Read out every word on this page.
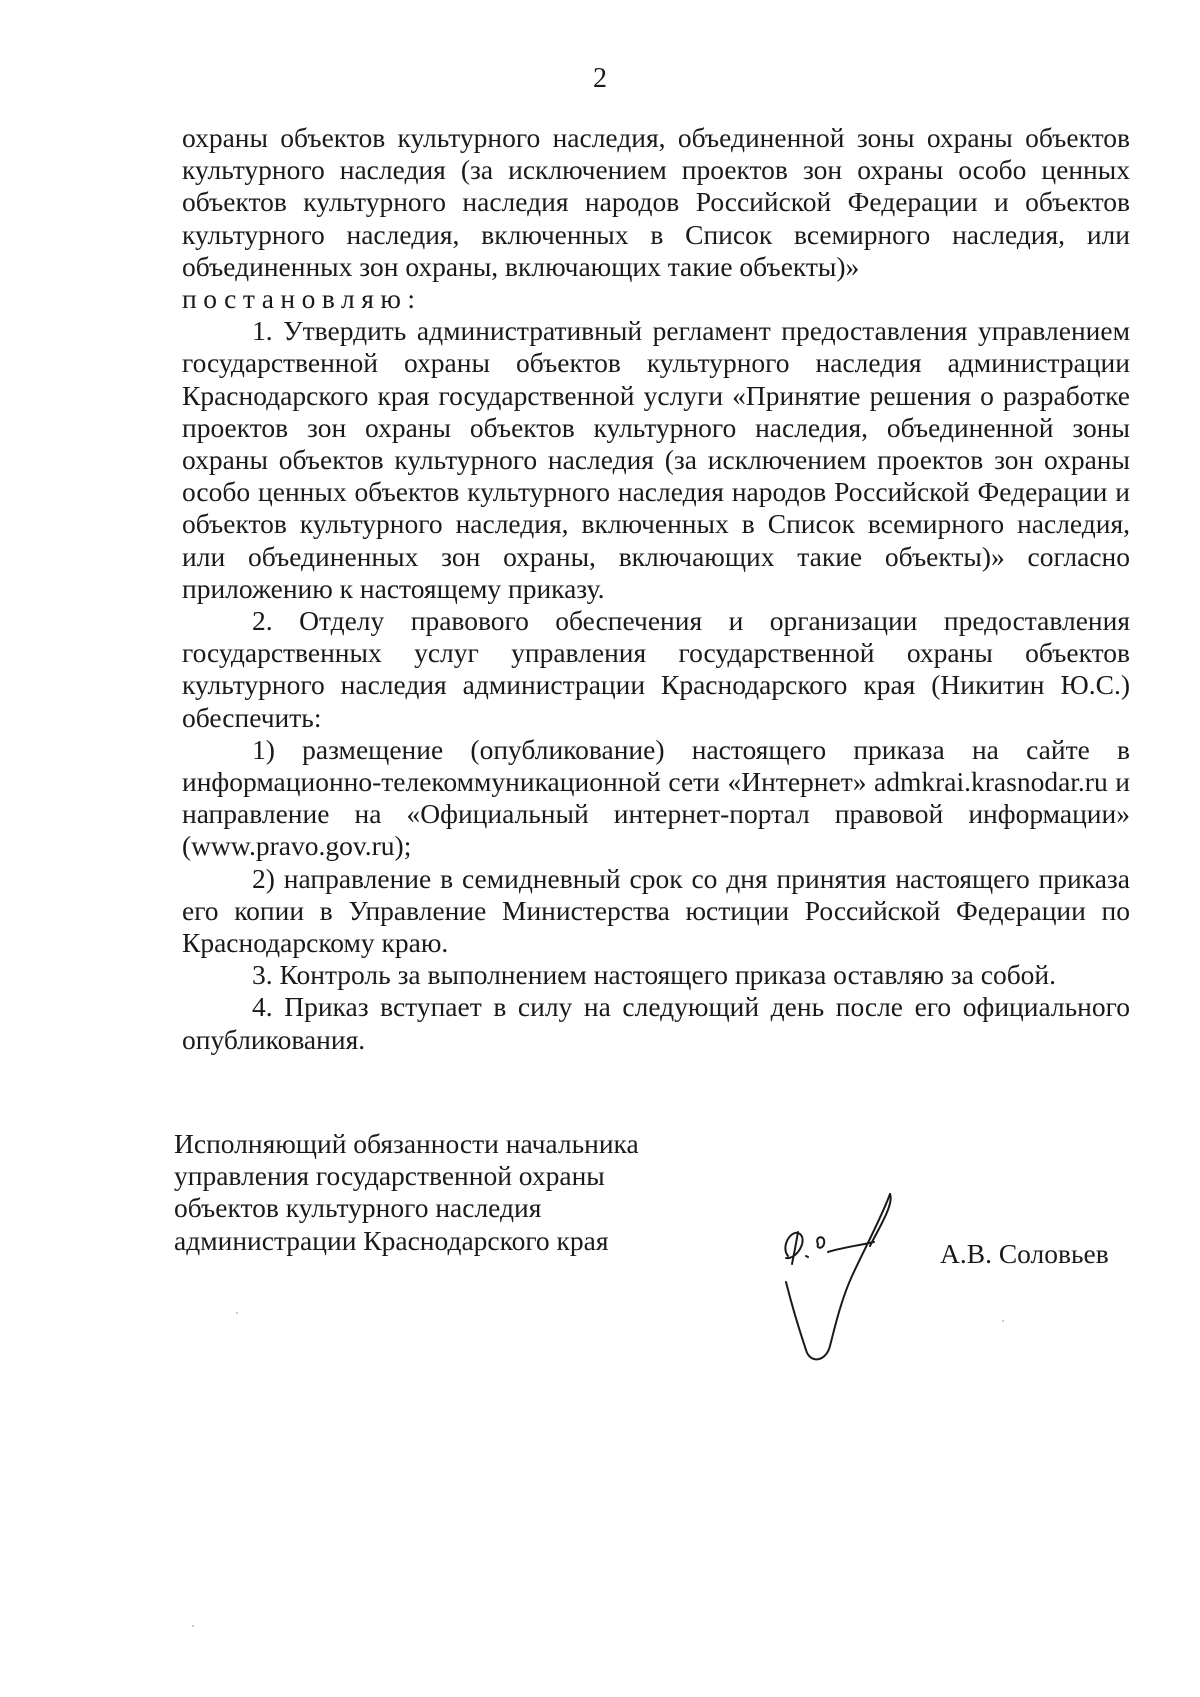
2

охраны объектов культурного наследия, объединенной зоны охраны объектов культурного наследия (за исключением проектов зон охраны особо ценных объектов культурного наследия народов Российской Федерации и объектов культурного наследия, включенных в Список всемирного наследия, или объединенных зон охраны, включающих такие объекты)»

постановляю:

1. Утвердить административный регламент предоставления управлением государственной охраны объектов культурного наследия администрации Краснодарского края государственной услуги «Принятие решения о разработке проектов зон охраны объектов культурного наследия, объединенной зоны охраны объектов культурного наследия (за исключением проектов зон охраны особо ценных объектов культурного наследия народов Российской Федерации и объектов культурного наследия, включенных в Список всемирного наследия, или объединенных зон охраны, включающих такие объекты)» согласно приложению к настоящему приказу.

2. Отделу правового обеспечения и организации предоставления государственных услуг управления государственной охраны объектов культурного наследия администрации Краснодарского края (Никитин Ю.С.) обеспечить:

1) размещение (опубликование) настоящего приказа на сайте в информационно-телекоммуникационной сети «Интернет» admkrai.krasnodar.ru и направление на «Официальный интернет-портал правовой информации» (www.pravo.gov.ru);

2) направление в семидневный срок со дня принятия настоящего приказа его копии в Управление Министерства юстиции Российской Федерации по Краснодарскому краю.

3. Контроль за выполнением настоящего приказа оставляю за собой.

4. Приказ вступает в силу на следующий день после его официального опубликования.

Исполняющий обязанности начальника
управления государственной охраны
объектов культурного наследия
администрации Краснодарского края	А.В. Соловьев
